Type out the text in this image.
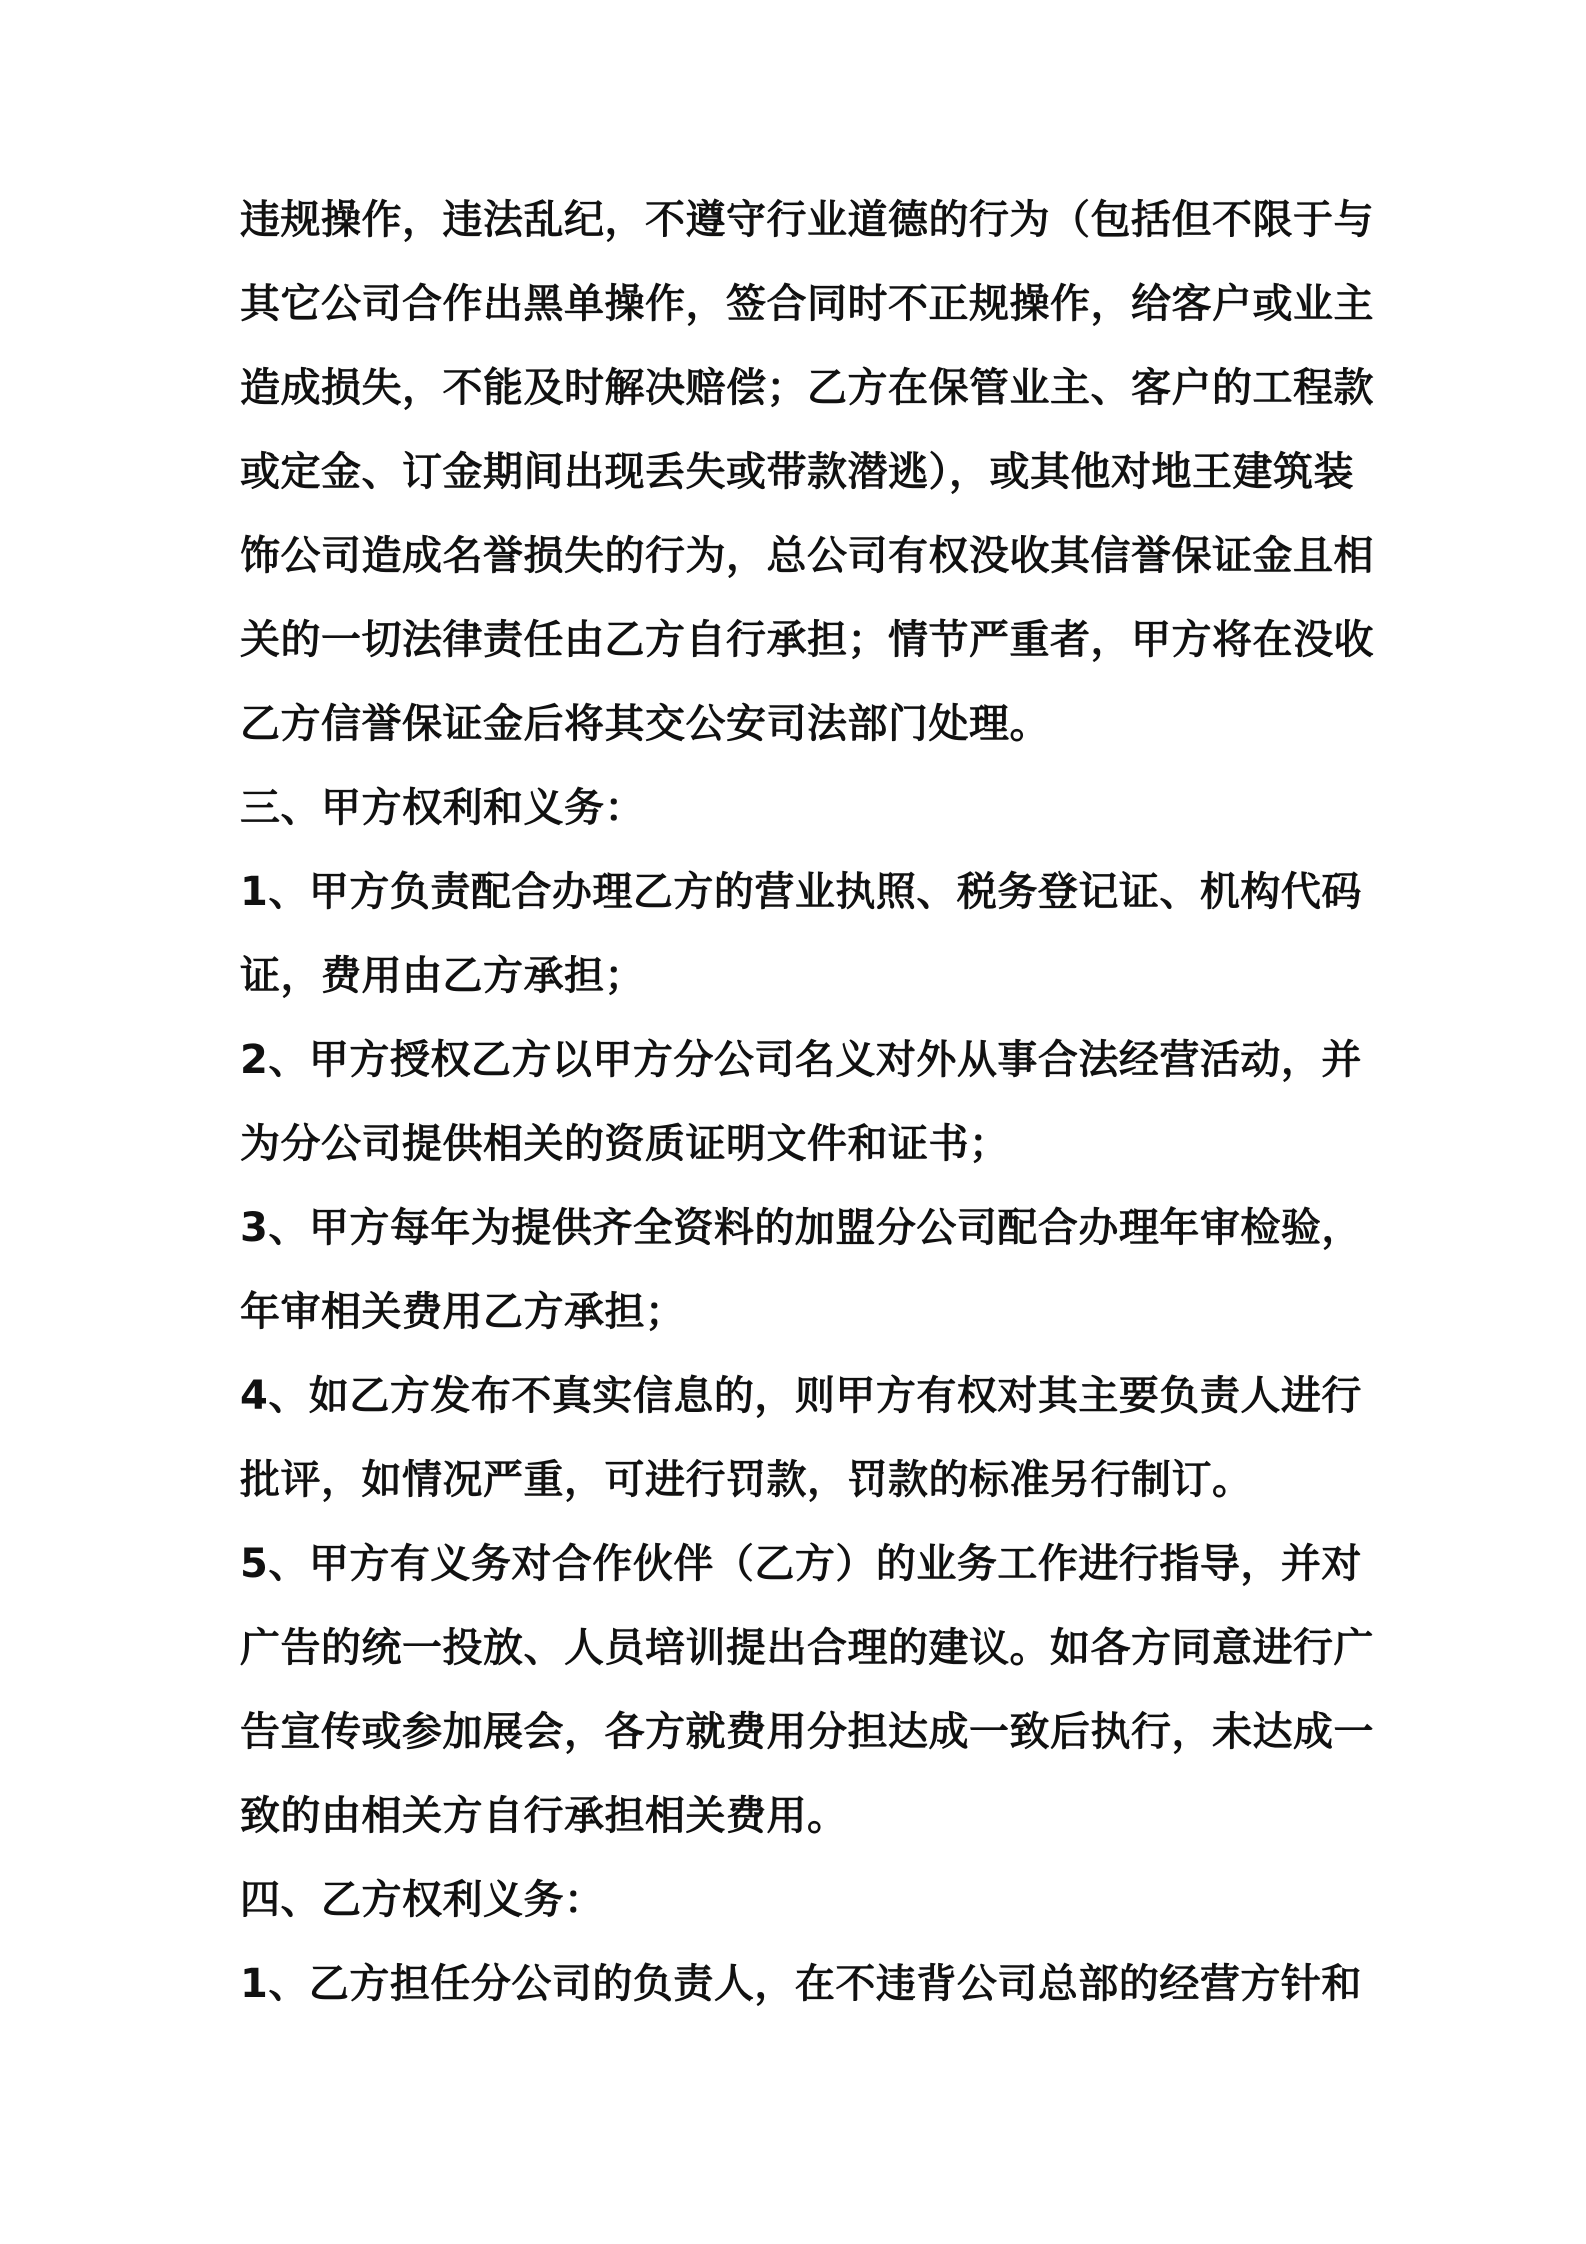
违规操作，违法乱纪，不遵守行业道德的行为（包括但不限于与
其它公司合作出黑单操作，签合同时不正规操作，给客户或业主
造成损失，不能及时解决赔偿；乙方在保管业主、客户的工程款
或定金、订金期间出现丢失或带款潜逃），或其他对地王建筑装
饰公司造成名誉损失的行为，总公司有权没收其信誉保证金且相
关的一切法律责任由乙方自行承担；情节严重者，甲方将在没收
乙方信誉保证金后将其交公安司法部门处理。
三、甲方权利和义务：
1、甲方负责配合办理乙方的营业执照、税务登记证、机构代码
证，费用由乙方承担；
2、甲方授权乙方以甲方分公司名义对外从事合法经营活动，并
为分公司提供相关的资质证明文件和证书；
3、甲方每年为提供齐全资料的加盟分公司配合办理年审检验，
年审相关费用乙方承担；
4、如乙方发布不真实信息的，则甲方有权对其主要负责人进行
批评，如情况严重，可进行罚款，罚款的标准另行制订。
5、甲方有义务对合作伙伴（乙方）的业务工作进行指导，并对
广告的统一投放、人员培训提出合理的建议。如各方同意进行广
告宣传或参加展会，各方就费用分担达成一致后执行，未达成一
致的由相关方自行承担相关费用。
四、乙方权利义务：
1、乙方担任分公司的负责人，在不违背公司总部的经营方针和
